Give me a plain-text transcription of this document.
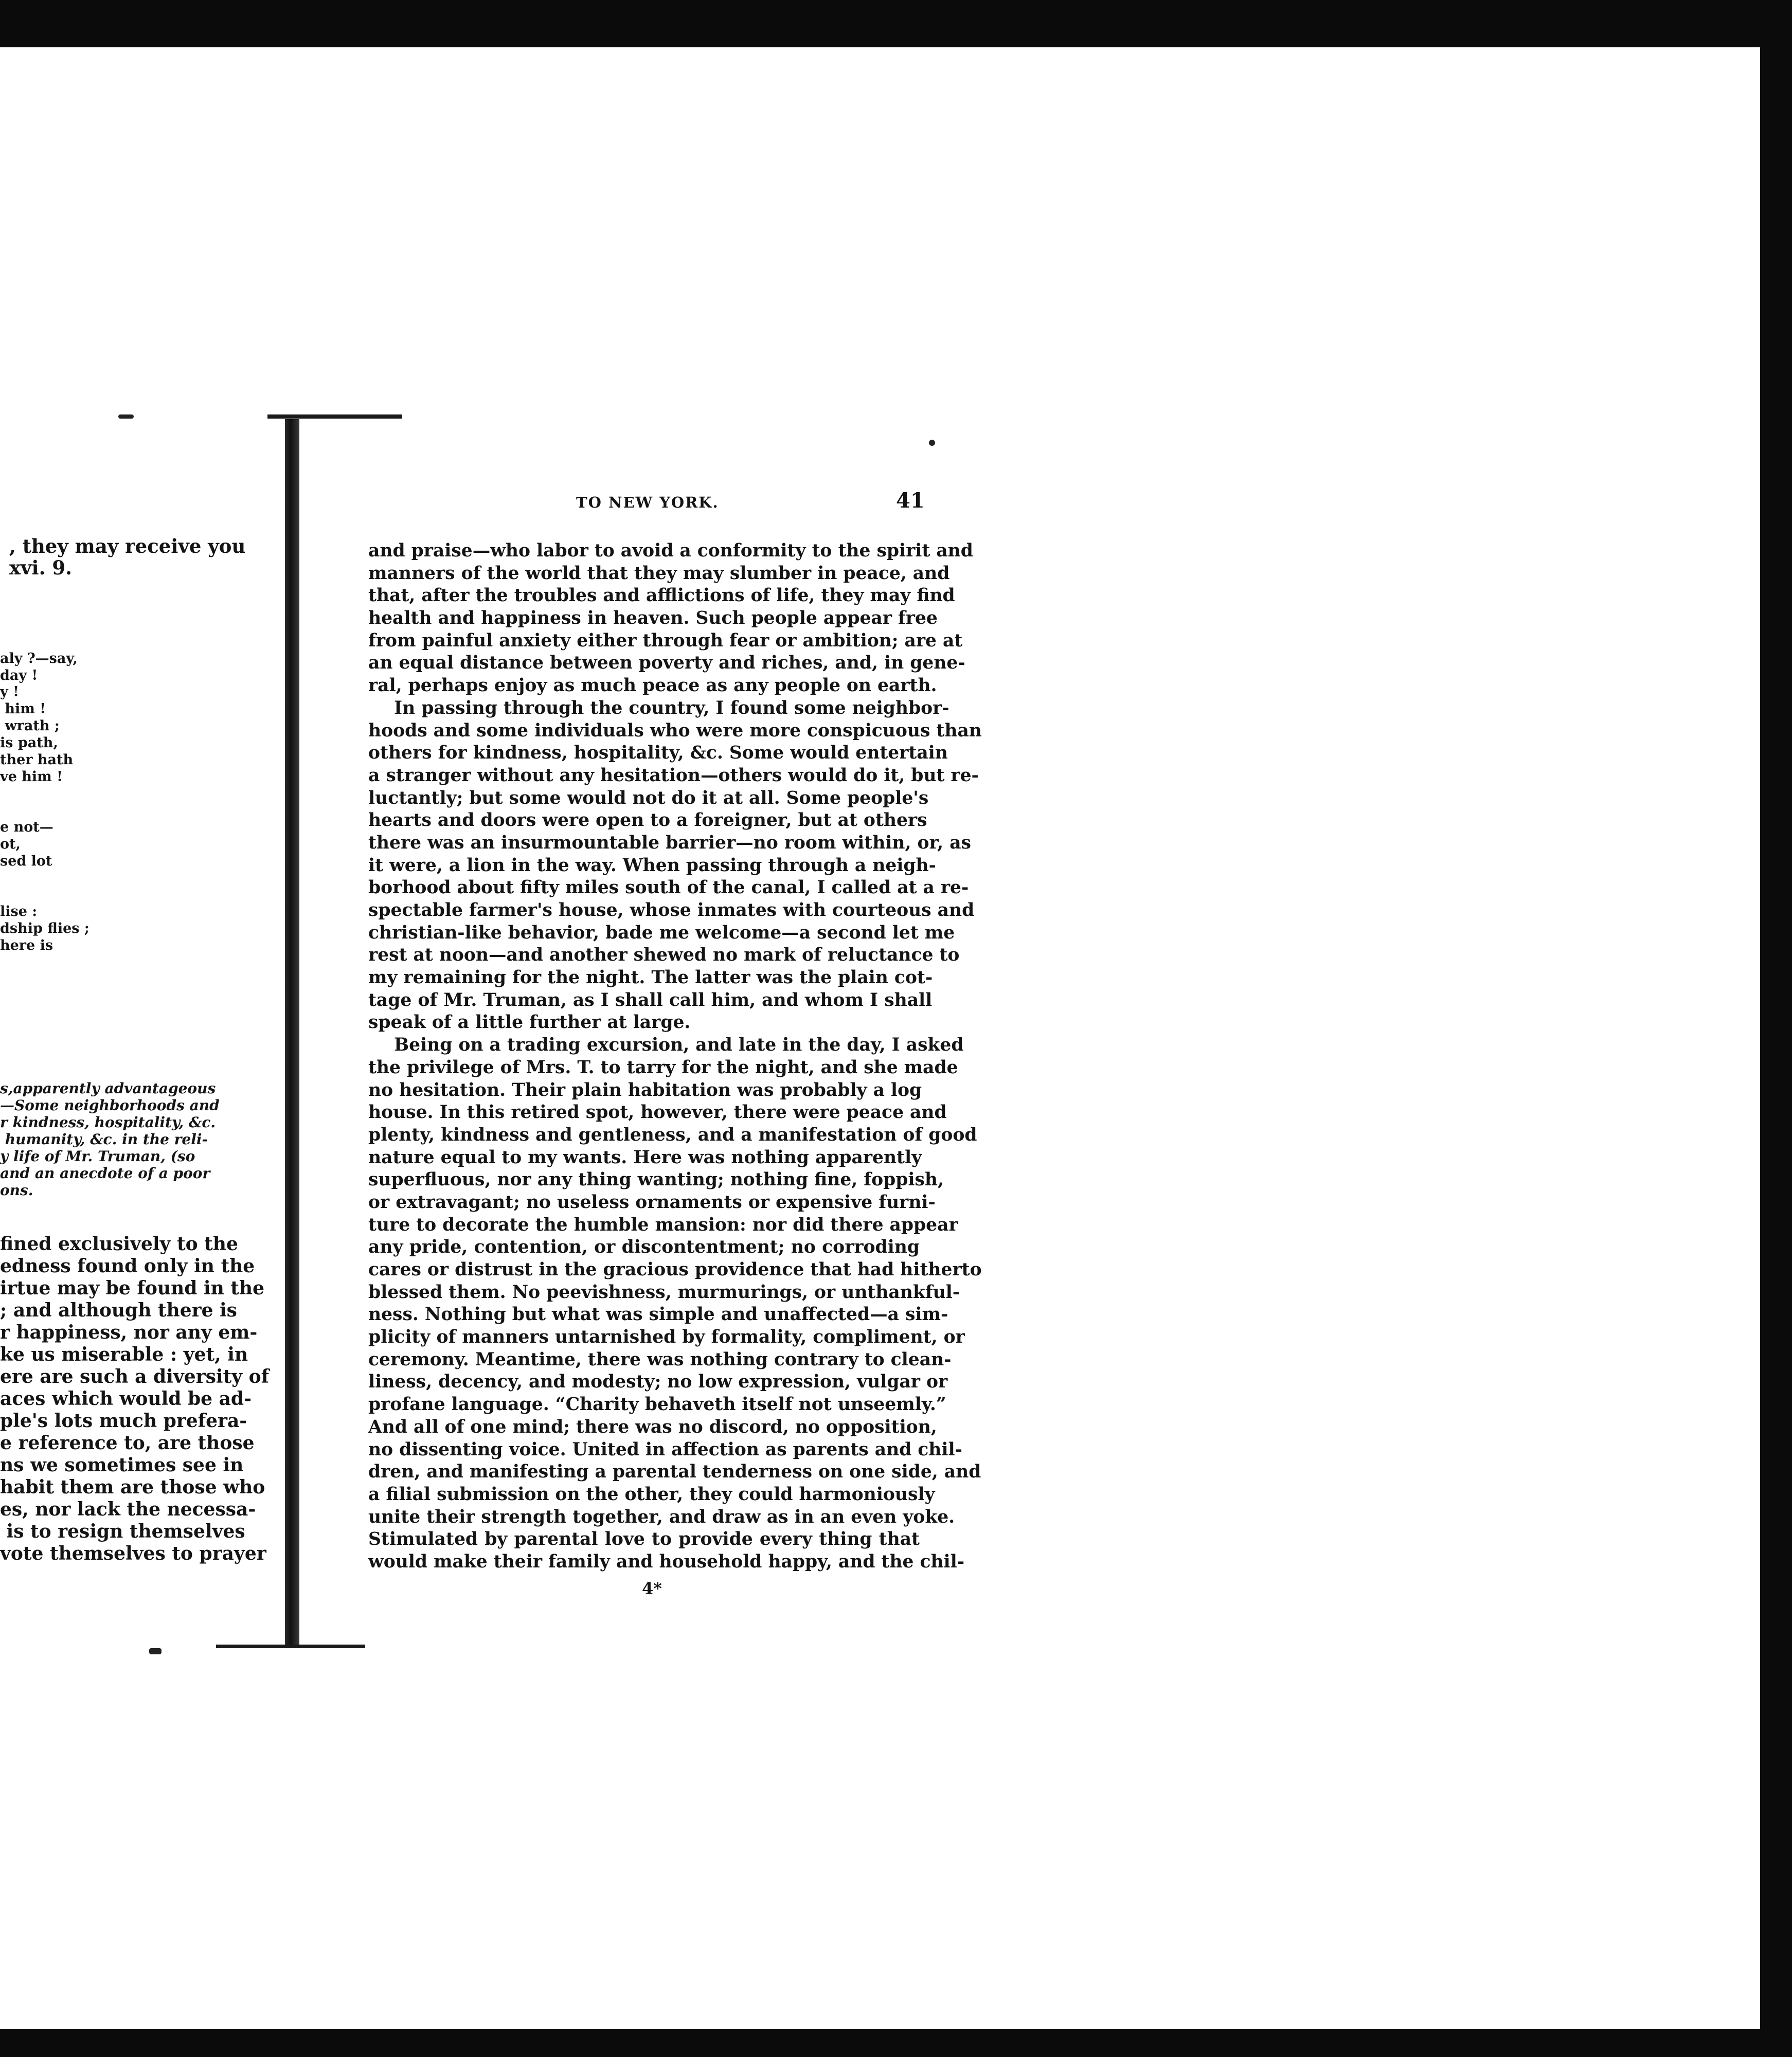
, they may receive you
xvi. 9.
aly ?—say,
day !
y !
him !
wrath ;
is path,
ther hath
ve him !
e not—
ot,
sed lot
lise :
dship flies ;
here is
s,apparently advantageous
—Some neighborhoods and
r kindness, hospitality, &c.
humanity, &c. in the reli-
y life of Mr. Truman, (so
and an anecdote of a poor
ons.
fined exclusively to the
edness found only in the
irtue may be found in the
; and although there is
r happiness, nor any em-
ke us miserable : yet, in
ere are such a diversity of
aces which would be ad-
ple's lots much prefera-
e reference to, are those
ns we sometimes see in
habit them are those who
es, nor lack the necessa-
is to resign themselves
vote themselves to prayer
TO NEW YORK.	41
and praise—who labor to avoid a conformity to the spirit and
manners of the world that they may slumber in peace, and
that, after the troubles and afflictions of life, they may find
health and happiness in heaven. Such people appear free
from painful anxiety either through fear or ambition; are at
an equal distance between poverty and riches, and, in gene-
ral, perhaps enjoy as much peace as any people on earth.
In passing through the country, I found some neighbor-
hoods and some individuals who were more conspicuous than
others for kindness, hospitality, &c. Some would entertain
a stranger without any hesitation—others would do it, but re-
luctantly; but some would not do it at all. Some people's
hearts and doors were open to a foreigner, but at others
there was an insurmountable barrier—no room within, or, as
it were, a lion in the way. When passing through a neigh-
borhood about fifty miles south of the canal, I called at a re-
spectable farmer's house, whose inmates with courteous and
christian-like behavior, bade me welcome—a second let me
rest at noon—and another shewed no mark of reluctance to
my remaining for the night. The latter was the plain cot-
tage of Mr. Truman, as I shall call him, and whom I shall
speak of a little further at large.
Being on a trading excursion, and late in the day, I asked
the privilege of Mrs. T. to tarry for the night, and she made
no hesitation. Their plain habitation was probably a log
house. In this retired spot, however, there were peace and
plenty, kindness and gentleness, and a manifestation of good
nature equal to my wants. Here was nothing apparently
superfluous, nor any thing wanting; nothing fine, foppish,
or extravagant; no useless ornaments or expensive furni-
ture to decorate the humble mansion: nor did there appear
any pride, contention, or discontentment; no corroding
cares or distrust in the gracious providence that had hitherto
blessed them. No peevishness, murmurings, or unthankful-
ness. Nothing but what was simple and unaffected—a sim-
plicity of manners untarnished by formality, compliment, or
ceremony. Meantime, there was nothing contrary to clean-
liness, decency, and modesty; no low expression, vulgar or
profane language. “Charity behaveth itself not unseemly.”
And all of one mind; there was no discord, no opposition,
no dissenting voice. United in affection as parents and chil-
dren, and manifesting a parental tenderness on one side, and
a filial submission on the other, they could harmoniously
unite their strength together, and draw as in an even yoke.
Stimulated by parental love to provide every thing that
would make their family and household happy, and the chil-
4*
